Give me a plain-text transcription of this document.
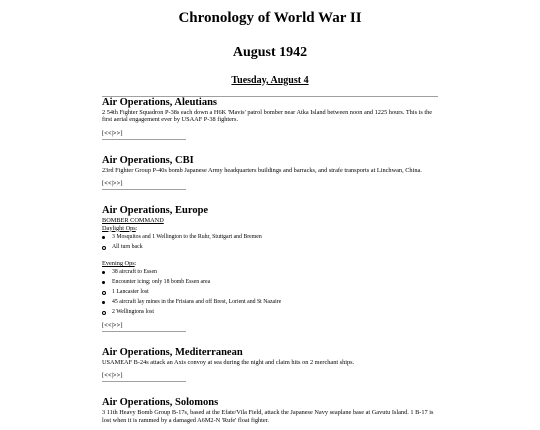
Chronology of World War II
August 1942
Tuesday, August 4
Air Operations, Aleutians
2 54th Fighter Squadron P-38s each down a H6K 'Mavis' patrol bomber near Atka Island between noon and 1225 hours. This is the first aerial engagement ever by USAAF P-38 fighters.
[<<|>>]
Air Operations, CBI
23rd Fighter Group P-40s bomb Japanese Army headquarters buildings and barracks, and strafe transports at Linchwan, China.
[<<|>>]
Air Operations, Europe
BOMBER COMMAND
Daylight Ops:
3 Mosquitos and 1 Wellington to the Ruhr, Stuttgart and Bremen
All turn back
Evening Ops:
38 aircraft to Essen
Encounter icing; only 18 bomb Essen area
1 Lancaster lost
45 aircraft lay mines in the Frisians and off Brest, Lorient and St Nazaire
2 Wellingtons lost
[<<|>>]
Air Operations, Mediterranean
USAMEAF B-24s attack an Axis convoy at sea during the night and claim hits on 2 merchant ships.
[<<|>>]
Air Operations, Solomons
3 11th Heavy Bomb Group B-17s, based at the Efate/Vila Field, attack the Japanese Navy seaplane base at Gavutu Island. 1 B-17 is lost when it is rammed by a damaged A6M2-N 'Rufe' float fighter.
